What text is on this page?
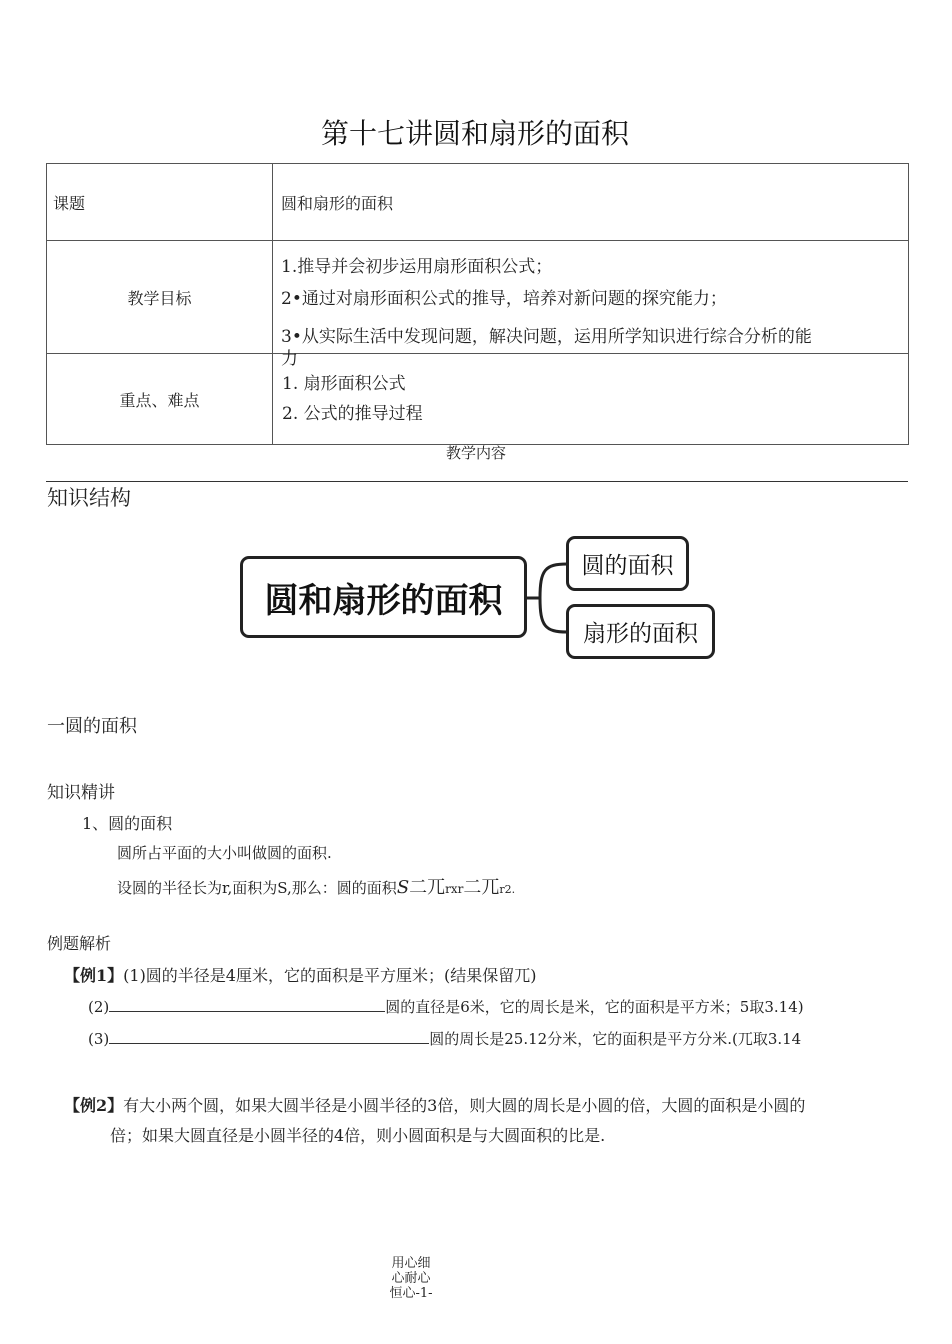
第十七讲圆和扇形的面积
课题	圆和扇形的面积
教学目标	1.推导并会初步运用扇形面积公式；
2•通过对扇形面积公式的推导，培养对新问题的探究能力；
3•从实际生活中发现问题，解决问题，运用所学知识进行综合分析的能
力

重点、难点	1. 扇形面积公式
2. 公式的推导过程
教学内容
知识结构
圆和扇形的面积
圆的面积
扇形的面积
一圆的面积
知识精讲
1、圆的面积
圆所占平面的大小叫做圆的面积.
设圆的半径长为r,面积为S,那么：圆的面积S二兀rxr二兀r2.
例题解析
【例1】(1)圆的半径是4厘米，它的面积是平方厘米；(结果保留兀)
(2)	圆的直径是6米，它的周长是米，它的面积是平方米；5取3.14)
(3)	圆的周长是25.12分米，它的面积是平方分米.(兀取3.14
【例2】有大小两个圆，如果大圆半径是小圆半径的3倍，则大圆的周长是小圆的倍，大圆的面积是小圆的
倍；如果大圆直径是小圆半径的4倍，则小圆面积是与大圆面积的比是.
用心细
心耐心
恒心-1-
